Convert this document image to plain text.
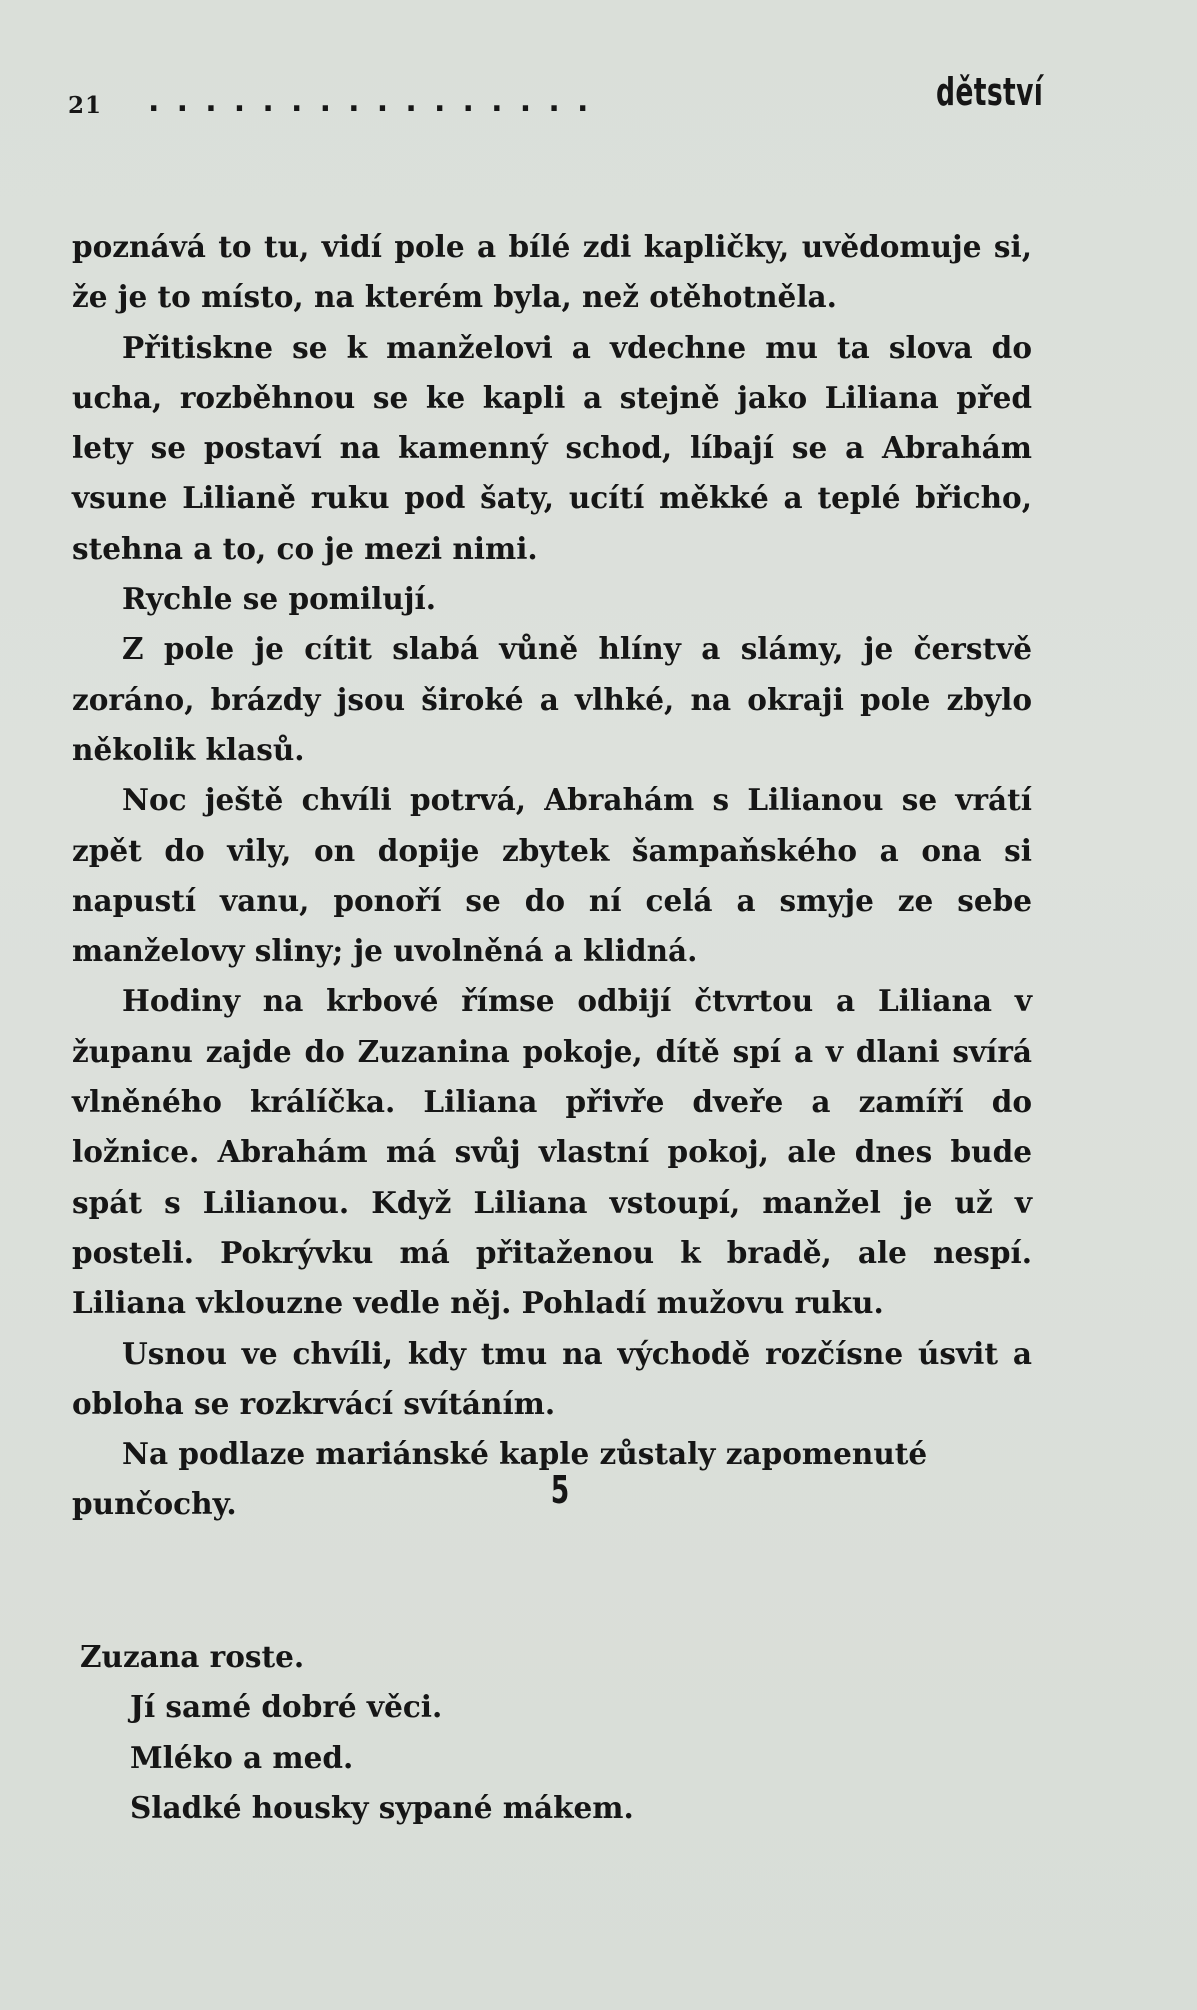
21 ................	dětství

poznává to tu, vidí pole a bílé zdi kapličky, uvědomuje si, že je to místo, na kterém byla, než otěhotněla.

Přitiskne se k manželovi a vdechne mu ta slova do ucha, rozběhnou se ke kapli a stejně jako Liliana před lety se postaví na kamenný schod, líbají se a Abrahám vsune Lilianě ruku pod šaty, ucítí měkké a teplé břicho, stehna a to, co je mezi nimi.

Rychle se pomilují.

Z pole je cítit slabá vůně hlíny a slámy, je čerstvě zoráno, brázdy jsou široké a vlhké, na okraji pole zbylo několik klasů.

Noc ještě chvíli potrvá, Abrahám s Lilianou se vrátí zpět do vily, on dopije zbytek šampaňského a ona si napustí vanu, ponoří se do ní celá a smyje ze sebe manželovy sliny; je uvolněná a klidná.

Hodiny na krbové římse odbijí čtvrtou a Liliana v županu zajde do Zuzanina pokoje, dítě spí a v dlani svírá vlněného králíčka. Liliana přivře dveře a zamíří do ložnice. Abrahám má svůj vlastní pokoj, ale dnes bude spát s Lilianou. Když Liliana vstoupí, manžel je už v posteli. Pokrývku má přitaženou k bradě, ale nespí. Liliana vklouzne vedle něj. Pohladí mužovu ruku.

Usnou ve chvíli, kdy tmu na východě rozčísne úsvit a obloha se rozkrvácí svítáním.

Na podlaze mariánské kaple zůstaly zapomenuté punčochy.	5

Zuzana roste.

Jí samé dobré věci.

Mléko a med.

Sladké housky sypané mákem.
